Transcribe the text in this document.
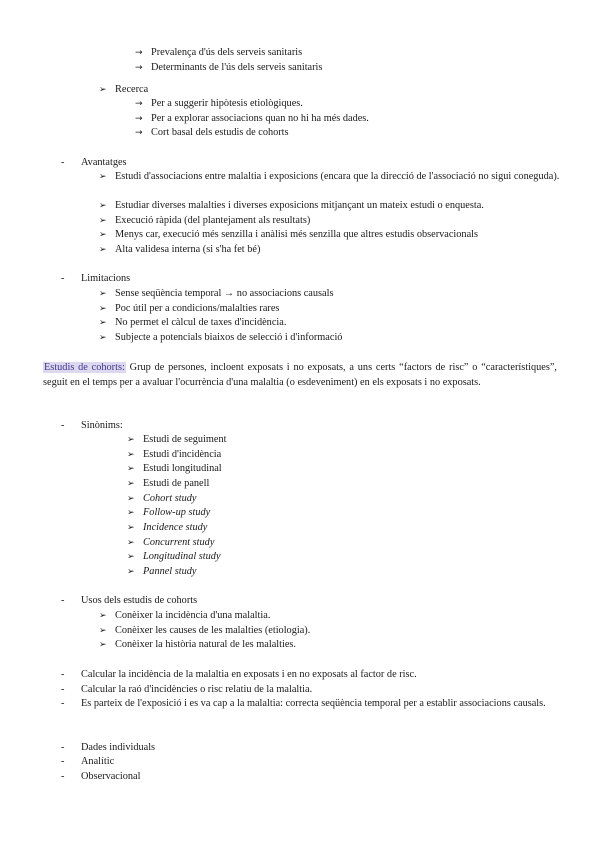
→ Prevalença d'ús dels serveis sanitaris
→ Determinants de l'ús dels serveis sanitaris
➢ Recerca
→ Per a suggerir hipòtesis etiològiques.
→ Per a explorar associacions quan no hi ha més dades.
→ Cort basal dels estudis de cohorts
- Avantatges
➢ Estudi d'associacions entre malaltia i exposicions (encara que la direcció de l'associació no sigui coneguda).
➢ Estudiar diverses malalties i diverses exposicions mitjançant un mateix estudi o enquesta.
➢ Execució ràpida (del plantejament als resultats)
➢ Menys car, execució més senzilla i anàlisi més senzilla que altres estudis observacionals
➢ Alta validesa interna (si s'ha fet bé)
- Limitacions
➢ Sense seqüència temporal → no associacions causals
➢ Poc útil per a condicions/malalties rares
➢ No permet el càlcul de taxes d'incidència.
➢ Subjecte a potencials biaixos de selecció i d'informació
Estudis de cohorts: Grup de persones, incloent exposats i no exposats, a uns certs “factors de risc” o “característiques”, seguit en el temps per a avaluar l'ocurrència d'una malaltia (o esdeveniment) en els exposats i no exposats.
- Sinònims:
➢ Estudi de seguiment
➢ Estudi d'incidència
➢ Estudi longitudinal
➢ Estudi de panell
➢ Cohort study
➢ Follow-up study
➢ Incidence study
➢ Concurrent study
➢ Longitudinal study
➢ Pannel study
- Usos dels estudis de cohorts
➢ Conèixer la incidència d'una malaltia.
➢ Conèixer les causes de les malalties (etiologia).
➢ Conèixer la història natural de les malalties.
- Calcular la incidència de la malaltia en exposats i en no exposats al factor de risc.
- Calcular la raó d'incidències o risc relatiu de la malaltia.
- Es parteix de l'exposició i es va cap a la malaltia: correcta seqüència temporal per a establir associacions causals.
- Dades individuals
- Analític
- Observacional
